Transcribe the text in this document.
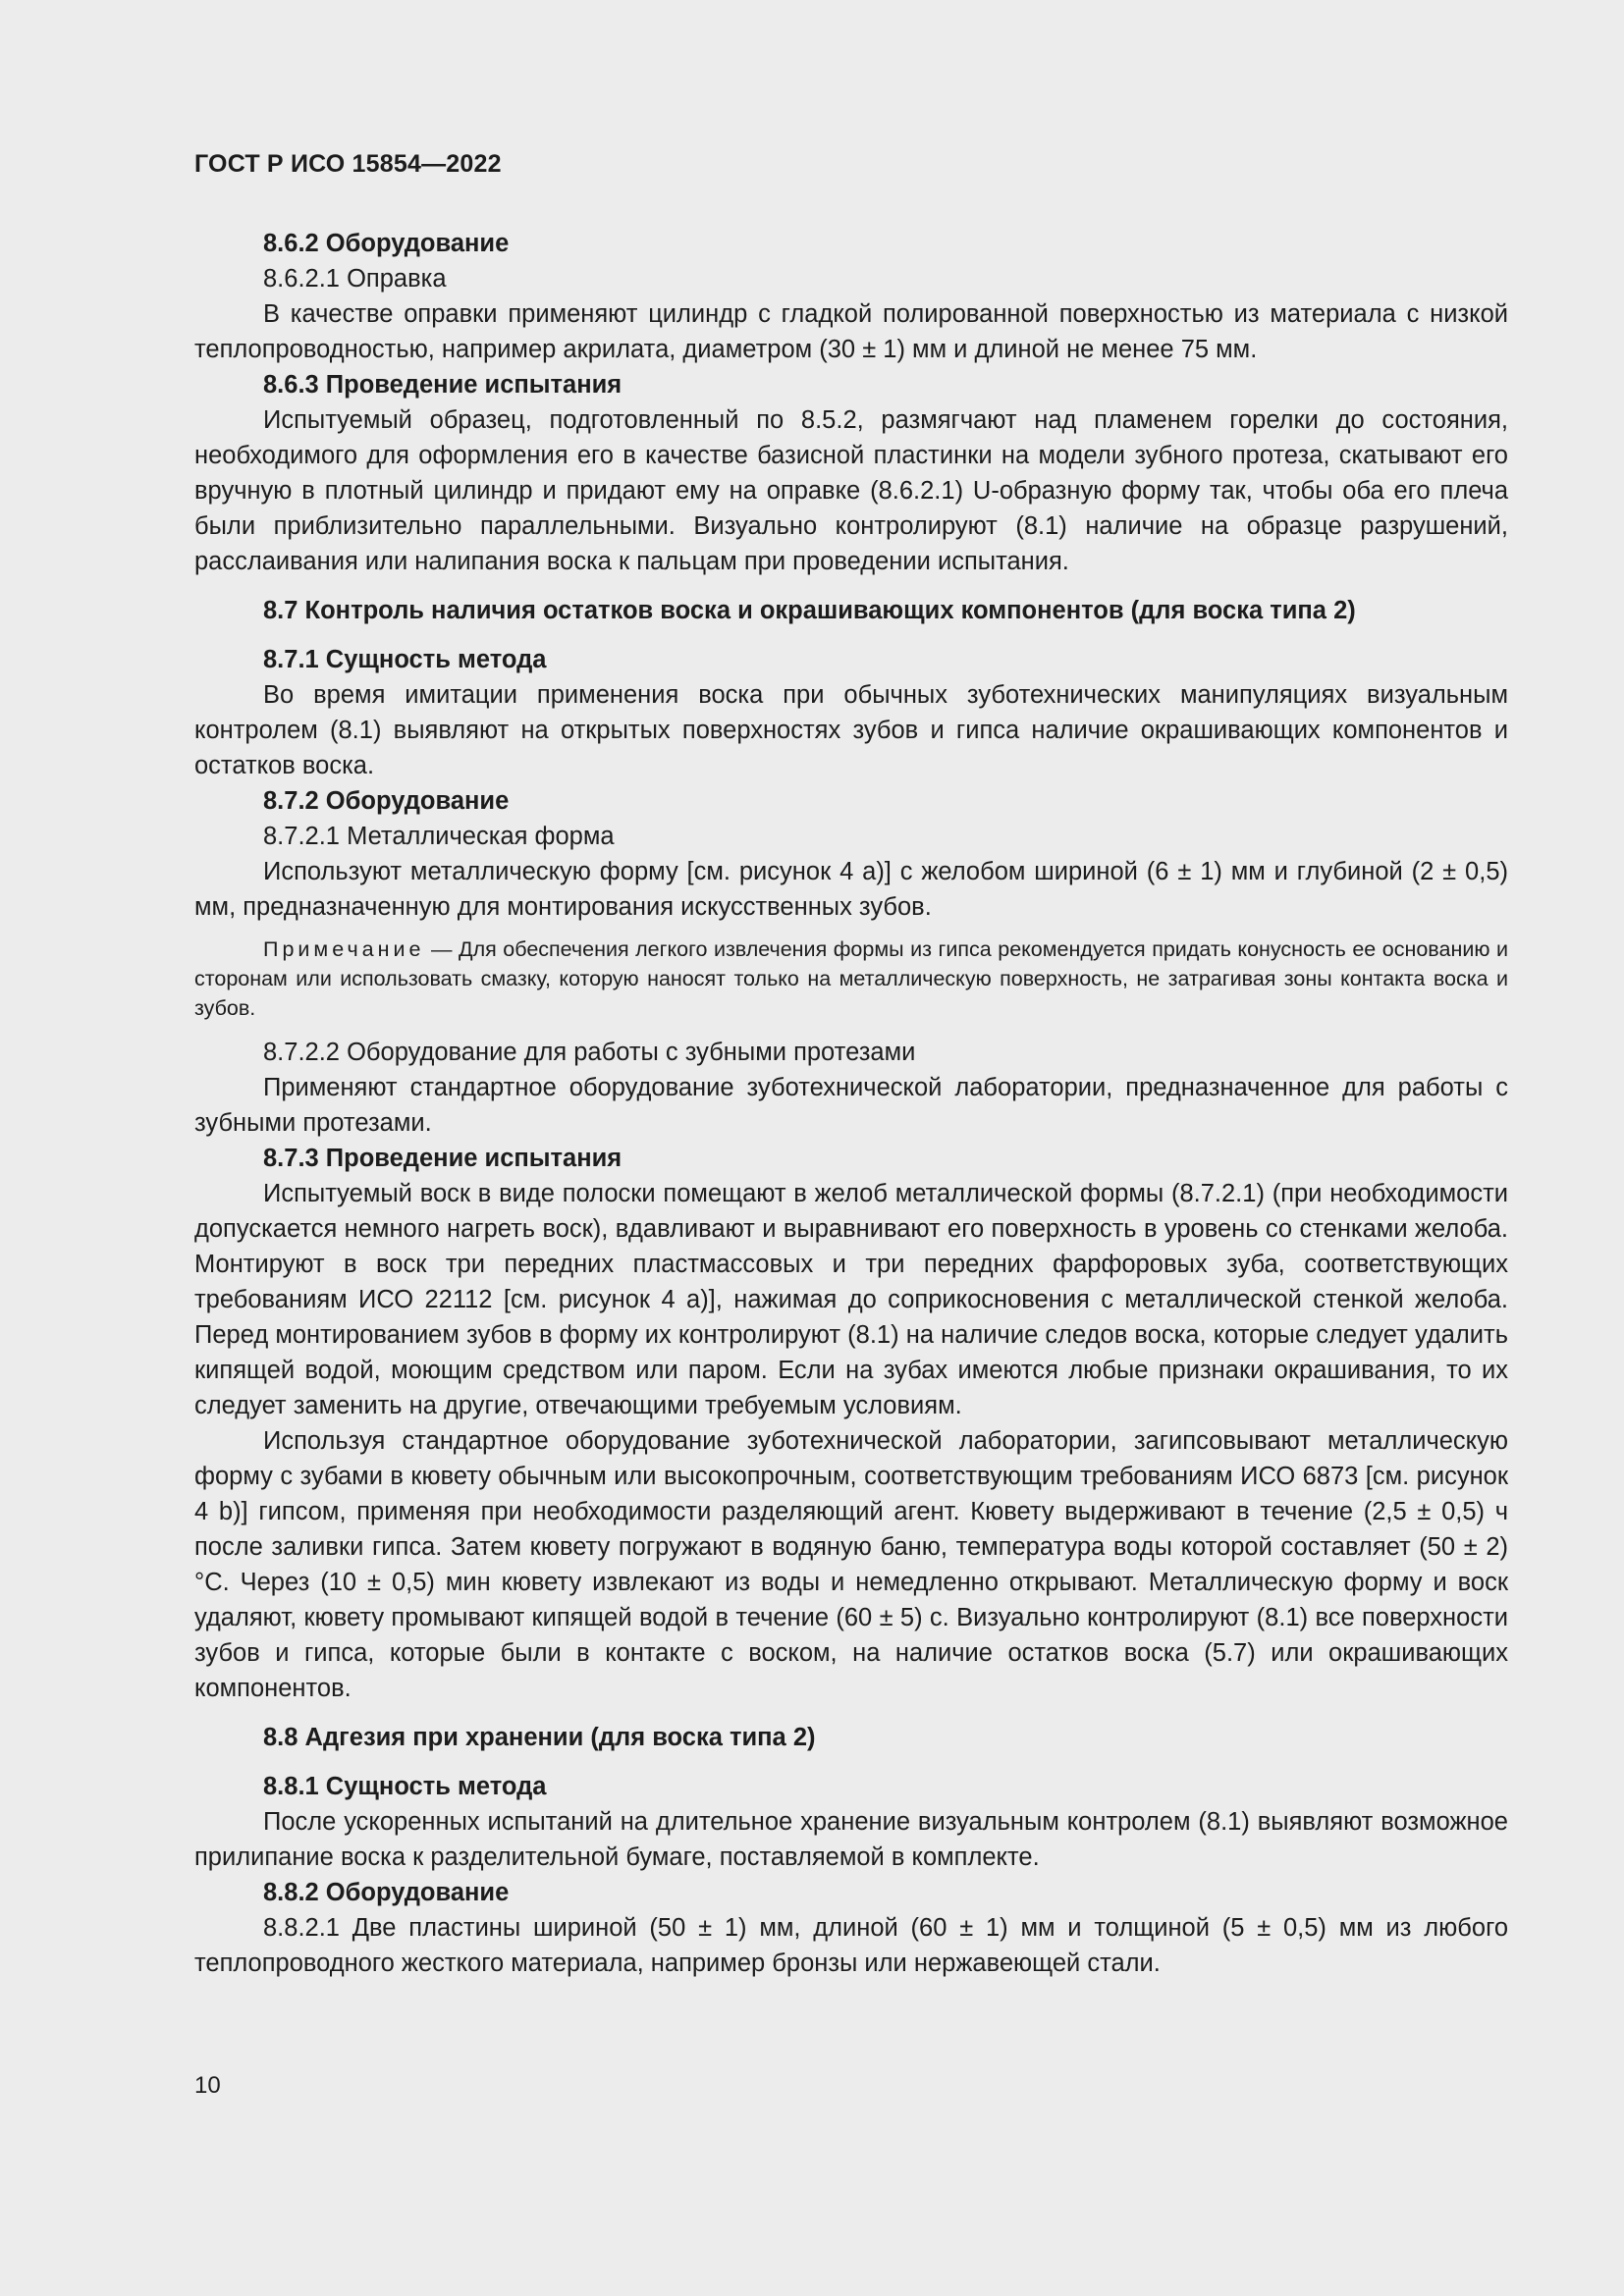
ГОСТ Р ИСО 15854—2022

8.6.2 Оборудование

8.6.2.1 Оправка

В качестве оправки применяют цилиндр с гладкой полированной поверхностью из материала с низкой теплопроводностью, например акрилата, диаметром (30 ± 1) мм и длиной не менее 75 мм.

8.6.3 Проведение испытания

Испытуемый образец, подготовленный по 8.5.2, размягчают над пламенем горелки до состояния, необходимого для оформления его в качестве базисной пластинки на модели зубного протеза, скатывают его вручную в плотный цилиндр и придают ему на оправке (8.6.2.1) U-образную форму так, чтобы оба его плеча были приблизительно параллельными. Визуально контролируют (8.1) наличие на образце разрушений, расслаивания или налипания воска к пальцам при проведении испытания.

8.7 Контроль наличия остатков воска и окрашивающих компонентов (для воска типа 2)

8.7.1 Сущность метода

Во время имитации применения воска при обычных зуботехнических манипуляциях визуальным контролем (8.1) выявляют на открытых поверхностях зубов и гипса наличие окрашивающих компонентов и остатков воска.

8.7.2 Оборудование

8.7.2.1 Металлическая форма

Используют металлическую форму [см. рисунок 4 а)] с желобом шириной (6 ± 1) мм и глубиной (2 ± 0,5) мм, предназначенную для монтирования искусственных зубов.

Примечание — Для обеспечения легкого извлечения формы из гипса рекомендуется придать конусность ее основанию и сторонам или использовать смазку, которую наносят только на металлическую поверхность, не затрагивая зоны контакта воска и зубов.

8.7.2.2 Оборудование для работы с зубными протезами

Применяют стандартное оборудование зуботехнической лаборатории, предназначенное для работы с зубными протезами.

8.7.3 Проведение испытания

Испытуемый воск в виде полоски помещают в желоб металлической формы (8.7.2.1) (при необходимости допускается немного нагреть воск), вдавливают и выравнивают его поверхность в уровень со стенками желоба. Монтируют в воск три передних пластмассовых и три передних фарфоровых зуба, соответствующих требованиям ИСО 22112 [см. рисунок 4 а)], нажимая до соприкосновения с металлической стенкой желоба. Перед монтированием зубов в форму их контролируют (8.1) на наличие следов воска, которые следует удалить кипящей водой, моющим средством или паром. Если на зубах имеются любые признаки окрашивания, то их следует заменить на другие, отвечающими требуемым условиям.

Используя стандартное оборудование зуботехнической лаборатории, загипсовывают металлическую форму с зубами в кювету обычным или высокопрочным, соответствующим требованиям ИСО 6873 [см. рисунок 4 b)] гипсом, применяя при необходимости разделяющий агент. Кювету выдерживают в течение (2,5 ± 0,5) ч после заливки гипса. Затем кювету погружают в водяную баню, температура воды которой составляет (50 ± 2) °С. Через (10 ± 0,5) мин кювету извлекают из воды и немедленно открывают. Металлическую форму и воск удаляют, кювету промывают кипящей водой в течение (60 ± 5) с. Визуально контролируют (8.1) все поверхности зубов и гипса, которые были в контакте с воском, на наличие остатков воска (5.7) или окрашивающих компонентов.

8.8 Адгезия при хранении (для воска типа 2)

8.8.1 Сущность метода

После ускоренных испытаний на длительное хранение визуальным контролем (8.1) выявляют возможное прилипание воска к разделительной бумаге, поставляемой в комплекте.

8.8.2 Оборудование

8.8.2.1 Две пластины шириной (50 ± 1) мм, длиной (60 ± 1) мм и толщиной (5 ± 0,5) мм из любого теплопроводного жесткого материала, например бронзы или нержавеющей стали.

10
